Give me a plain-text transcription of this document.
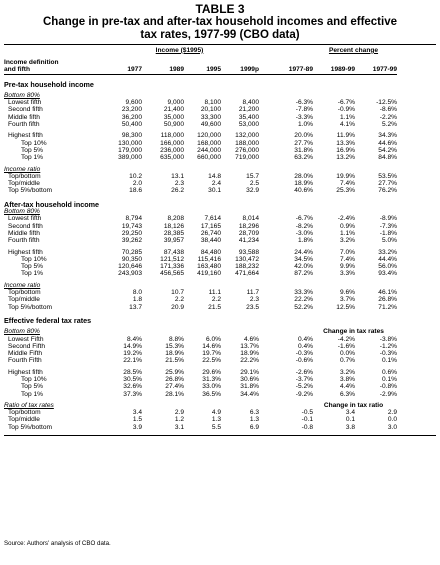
TABLE 3
Change in pre-tax and after-tax household incomes and effective
tax rates, 1977-99 (CBO data)
	Income ($1995)					Percent change		
Income definition								
and fifth	1977	1989	1995	1999p		1977-89	1989-99	1977-99

Pre-tax household income								

Bottom 80%								
Lowest fifth	9,600	9,000	8,100	8,400		-6.3%	-6.7%	-12.5%
Second fifth	23,200	21,400	20,100	21,200		-7.8%	-0.9%	-8.6%
Middle fifth	36,200	35,000	33,300	35,400		-3.3%	1.1%	-2.2%
Fourth fifth	50,400	50,900	49,600	53,000		1.0%	4.1%	5.2%

Highest fifth	98,300	118,000	120,000	132,000		20.0%	11.9%	34.3%
Top 10%	130,000	166,000	168,000	188,000		27.7%	13.3%	44.6%
Top 5%	179,000	236,000	244,000	276,000		31.8%	16.9%	54.2%
Top 1%	389,000	635,000	660,000	719,000		63.2%	13.2%	84.8%

Income ratio								
Top/bottom	10.2	13.1	14.8	15.7		28.0%	19.9%	53.5%
Top/middle	2.0	2.3	2.4	2.5		18.9%	7.4%	27.7%
Top 5%/bottom	18.6	26.2	30.1	32.9		40.6%	25.3%	76.2%

After-tax household income								
Bottom 80%								
Lowest fifth	8,794	8,208	7,614	8,014		-6.7%	-2.4%	-8.9%
Second fifth	19,743	18,126	17,165	18,296		-8.2%	0.9%	-7.3%
Middle fifth	29,250	28,385	26,740	28,709		-3.0%	1.1%	-1.8%
Fourth fifth	39,262	39,957	38,440	41,234		1.8%	3.2%	5.0%

Highest fifth	70,285	87,438	84,480	93,588		24.4%	7.0%	33.2%
Top 10%	90,350	121,512	115,416	130,472		34.5%	7.4%	44.4%
Top 5%	120,646	171,336	163,480	188,232		42.0%	9.9%	56.0%
Top 1%	243,903	456,565	419,160	471,664		87.2%	3.3%	93.4%

Income ratio								
Top/bottom	8.0	10.7	11.1	11.7		33.3%	9.6%	46.1%
Top/middle	1.8	2.2	2.2	2.3		22.2%	3.7%	26.8%
Top 5%/bottom	13.7	20.9	21.5	23.5		52.2%	12.5%	71.2%

Effective federal tax rates								

Bottom 80%						Change in tax rates		
Lowest Fifth	8.4%	8.8%	6.0%	4.6%		0.4%	-4.2%	-3.8%
Second Fifth	14.9%	15.3%	14.6%	13.7%		0.4%	-1.6%	-1.2%
Middle Fifth	19.2%	18.9%	19.7%	18.9%		-0.3%	0.0%	-0.3%
Fourth Fifth	22.1%	21.5%	22.5%	22.2%		-0.6%	0.7%	0.1%

Highest fifth	28.5%	25.9%	29.6%	29.1%		-2.6%	3.2%	0.6%
Top 10%	30.5%	26.8%	31.3%	30.6%		-3.7%	3.8%	0.1%
Top 5%	32.6%	27.4%	33.0%	31.8%		-5.2%	4.4%	-0.8%
Top 1%	37.3%	28.1%	36.5%	34.4%		-9.2%	6.3%	-2.9%

Ratio of tax rates						Change in tax ratio		
Top/bottom	3.4	2.9	4.9	6.3		-0.5	3.4	2.9
Top/middle	1.5	1.2	1.3	1.3		-0.1	0.1	0.0
Top 5%/bottom	3.9	3.1	5.5	6.9		-0.8	3.8	3.0

Source: Authors' analysis of CBO data.
